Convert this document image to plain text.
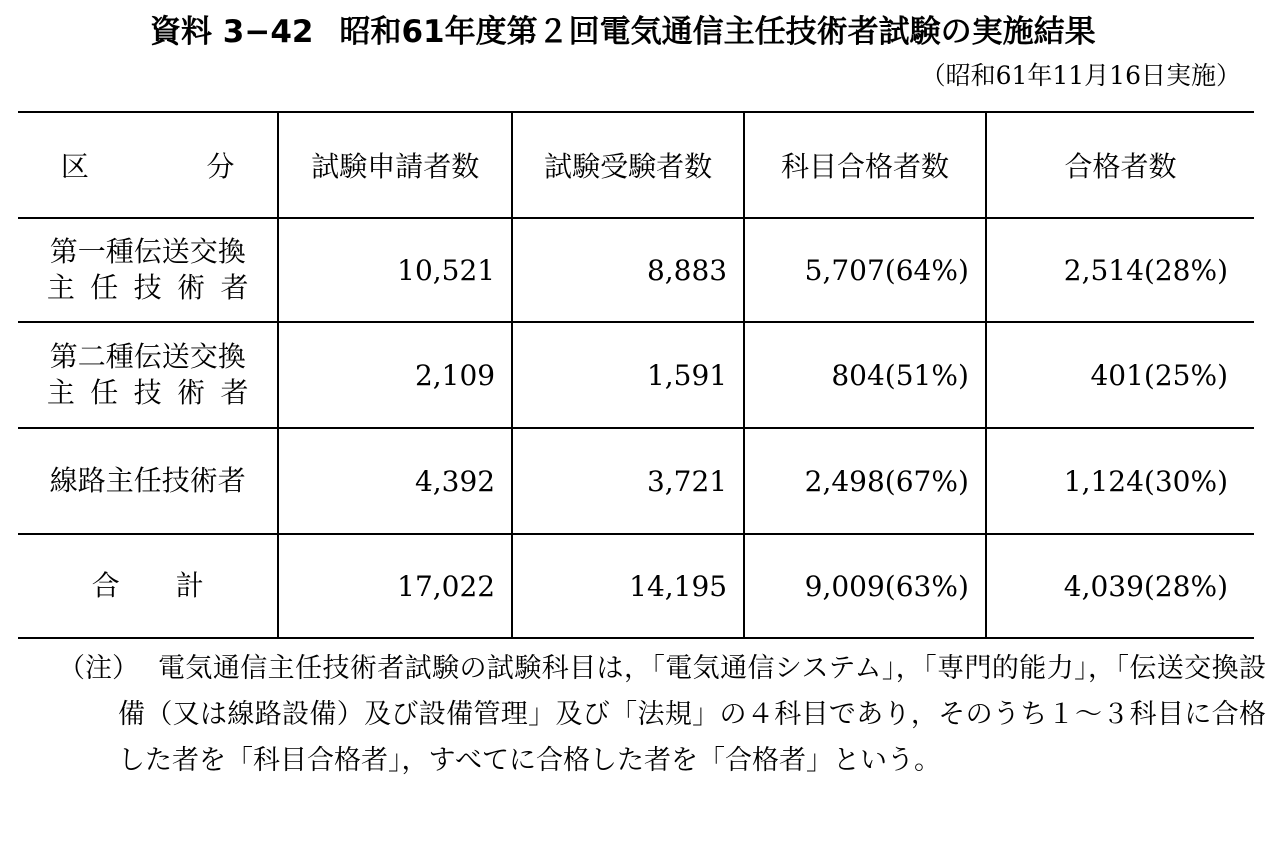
資料 3−42 昭和61年度第２回電気通信主任技術者試験の実施結果
（昭和61年11月16日実施）
区　分	試験申請者数	試験受験者数	科目合格者数	合格者数

第一種伝送交換
主任技術者	10,521	8,883	5,707(64%)	2,514(28%)

第二種伝送交換
主任技術者	2,109	1,591	804(51%)	401(25%)

線路主任技術者	4,392	3,721	2,498(67%)	1,124(30%)

合　　計	17,022	14,195	9,009(63%)	4,039(28%)
（注） 電気通信主任技術者試験の試験科目は，「電気通信システム」，「専門的能力」，「伝送交換設備（又は線路設備）及び設備管理」及び「法規」の４科目であり，そのうち１〜３科目に合格した者を「科目合格者」，すべてに合格した者を「合格者」という。
